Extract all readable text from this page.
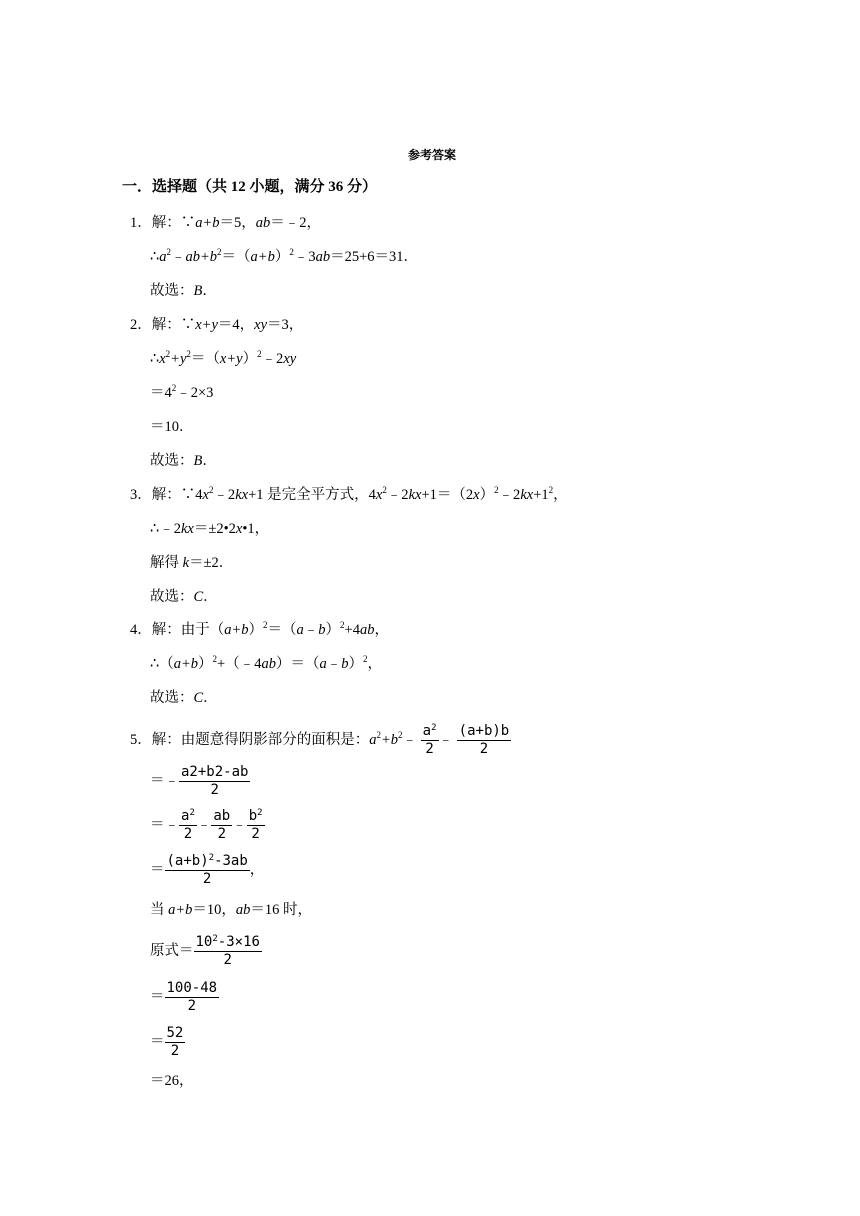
参考答案
一．选择题（共 12 小题，满分 36 分）
1．解：∵a+b＝5，ab＝﹣2，
$\therefore a^2﹣ab+b^2=(a+b)^2﹣3ab=25+6=31$．
故选：B．
2．解：∵x+y＝4，xy＝3，
$\therefore x^2+y^2=(x+y)^2﹣2xy$
$=4^2﹣2\times 3$
＝10．
故选：B．
3．解：$\because 4x^2﹣2kx+1$ 是完全平方式，$4x^2﹣2kx+1=(2x)^2﹣2kx+1^2$，
∴﹣2kx＝±2•2x•1，
解得 k＝±2．
故选：C．
4．解：由于$(a+b)^2=(a﹣b)^2+4ab$，
$\therefore(a+b)^2+(﹣4ab)=(a﹣b)^2$，
故选：C．
5．解：由题意得阴影部分的面积是：$a^2+b^2﹣ \frac{a^2}{2}$ ﹣ $\frac{(a+b)b}{2}$
＝﹣ $\frac{a2+b2-ab}{2}$
＝﹣ $\frac{a^2}{2}$ ﹣ $\frac{ab}{2}$ ﹣ $\frac{b^2}{2}$
＝ $\frac{(a+b)^2-3ab}{2}$ ，
当 a+b＝10，ab＝16 时，
原式＝ $\frac{10^2-3\times 16}{2}$
＝ $\frac{100-48}{2}$
＝ $\frac{52}{2}$
＝26，
